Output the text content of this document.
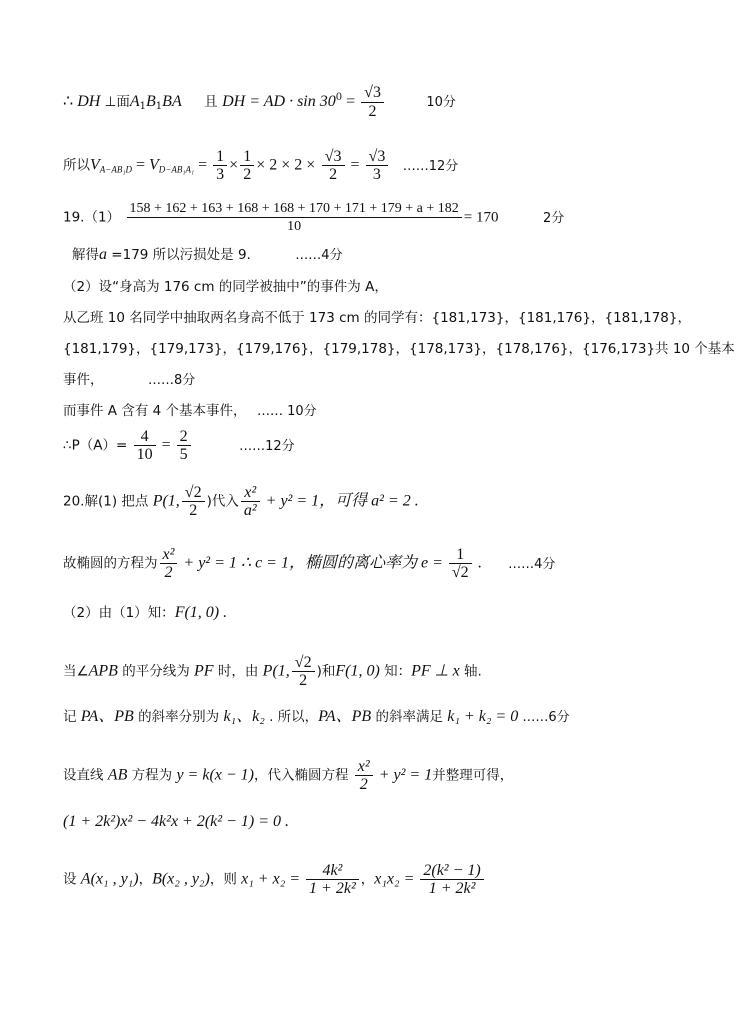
∴ DH ⊥面$A_1B_1BA$ 且 DH = AD · $\sin 30^0 = \frac{√3}{2}$	10分
所以$V_{A-AB_1D} = V_{D-AB_1A_1} = \frac{1}{3} \times \frac{1}{2} \times 2 \times 2 \times \frac{√3}{2} = \frac{√3}{3}$ ……12分
$19.(1) \frac{158 + 162 + 163 + 168 + 168 + 170 + 171 + 179 + a + 182}{10} = 170$	2分
解得a =179 所以污损处是 9.	……4分
（2）设“身高为 176 cm 的同学被抽中”的事件为 A，
从乙班 10 名同学中抽取两名身高不低于 173 cm 的同学有：{181,173}，{181,176}，{181,178}，
{181,179}，{179,173}，{179,176}，{179,178}，{178,173}，{178,176}，{176,173}共 10 个基本
事件，	……8分
而事件 A 含有 4 个基本事件， …… 10分
∴P（A）= $\frac{4}{10} = \frac{2}{5}$	……12分
20.解(1) 把点 P(1, $\frac{√2}{2}$ )代入 $\frac{\text{x²}}{\text{a²}} + y^2 = 1$，可得 a² = 2 .
故椭圆的方程为 $\frac{\text{x²}}{2} + y^2 = 1$ ∴ c = 1，椭圆的离心率为 $e = \frac{1}{√2}$ . ……4分
（2）由（1）知：F(1, 0) .
当∠APB 的平分线为 PF 时，由 P(1, $\frac{√2}{2}$ )和F(1, 0) 知：PF ⊥ x 轴.
记 PA、PB 的斜率分别为 k₁、k₂ . 所以，PA、PB 的斜率满足 k₁ + k₂ = 0 ……6分
设直线 AB 方程为 y = k(x − 1)，代入椭圆方程 $\frac{\text{x²}}{2} + y^2 = 1$并整理可得，
(1 + 2k²)x² − 4k²x + 2(k² − 1) = 0 .
设 A(x₁ , y₁)，B(x₂ , y₂)，则 $x_1 + x_2 = \frac{\text{4k²}}{\text{1 + 2k²}}$ ，$x_1x_2 = \frac{\text{2(k² − 1)}}{\text{1 + 2k²}}$
